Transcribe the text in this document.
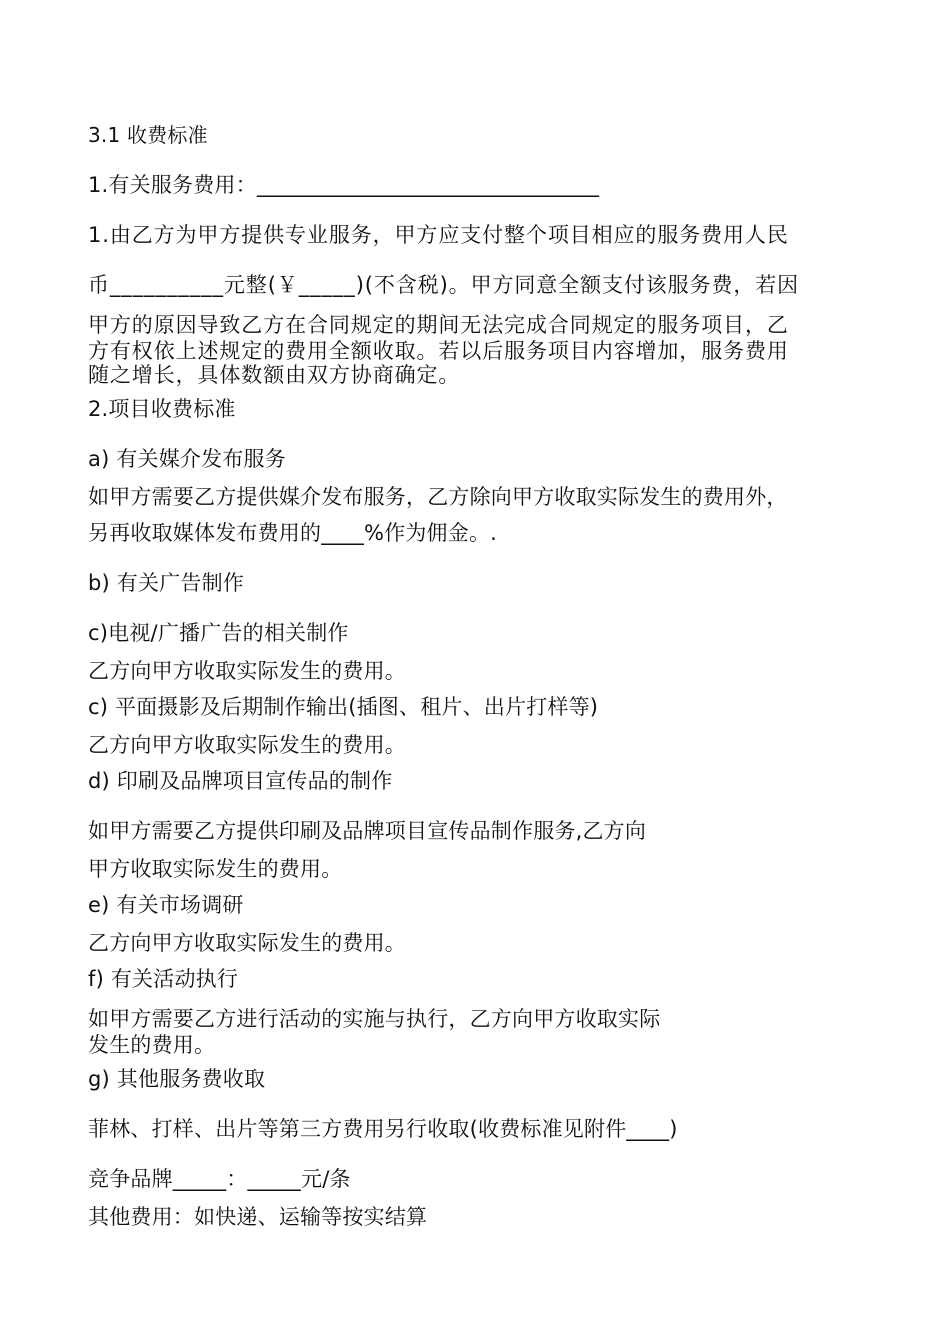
3.1 收费标准
1.有关服务费用：________________________________
1.由乙方为甲方提供专业服务，甲方应支付整个项目相应的服务费用人民
币__________元整(￥_____)(不含税)。甲方同意全额支付该服务费，若因
甲方的原因导致乙方在合同规定的期间无法完成合同规定的服务项目，乙
方有权依上述规定的费用全额收取。若以后服务项目内容增加，服务费用
随之增长，具体数额由双方协商确定。
2.项目收费标准
a) 有关媒介发布服务
如甲方需要乙方提供媒介发布服务，乙方除向甲方收取实际发生的费用外，
另再收取媒体发布费用的____%作为佣金。.
b) 有关广告制作
c)电视/广播广告的相关制作
乙方向甲方收取实际发生的费用。
c) 平面摄影及后期制作输出(插图、租片、出片打样等)
乙方向甲方收取实际发生的费用。
d) 印刷及品牌项目宣传品的制作
如甲方需要乙方提供印刷及品牌项目宣传品制作服务,乙方向
甲方收取实际发生的费用。
e) 有关市场调研
乙方向甲方收取实际发生的费用。
f) 有关活动执行
如甲方需要乙方进行活动的实施与执行，乙方向甲方收取实际
发生的费用。
g) 其他服务费收取
菲林、打样、出片等第三方费用另行收取(收费标准见附件____)
竞争品牌_____：_____元/条
其他费用：如快递、运输等按实结算
